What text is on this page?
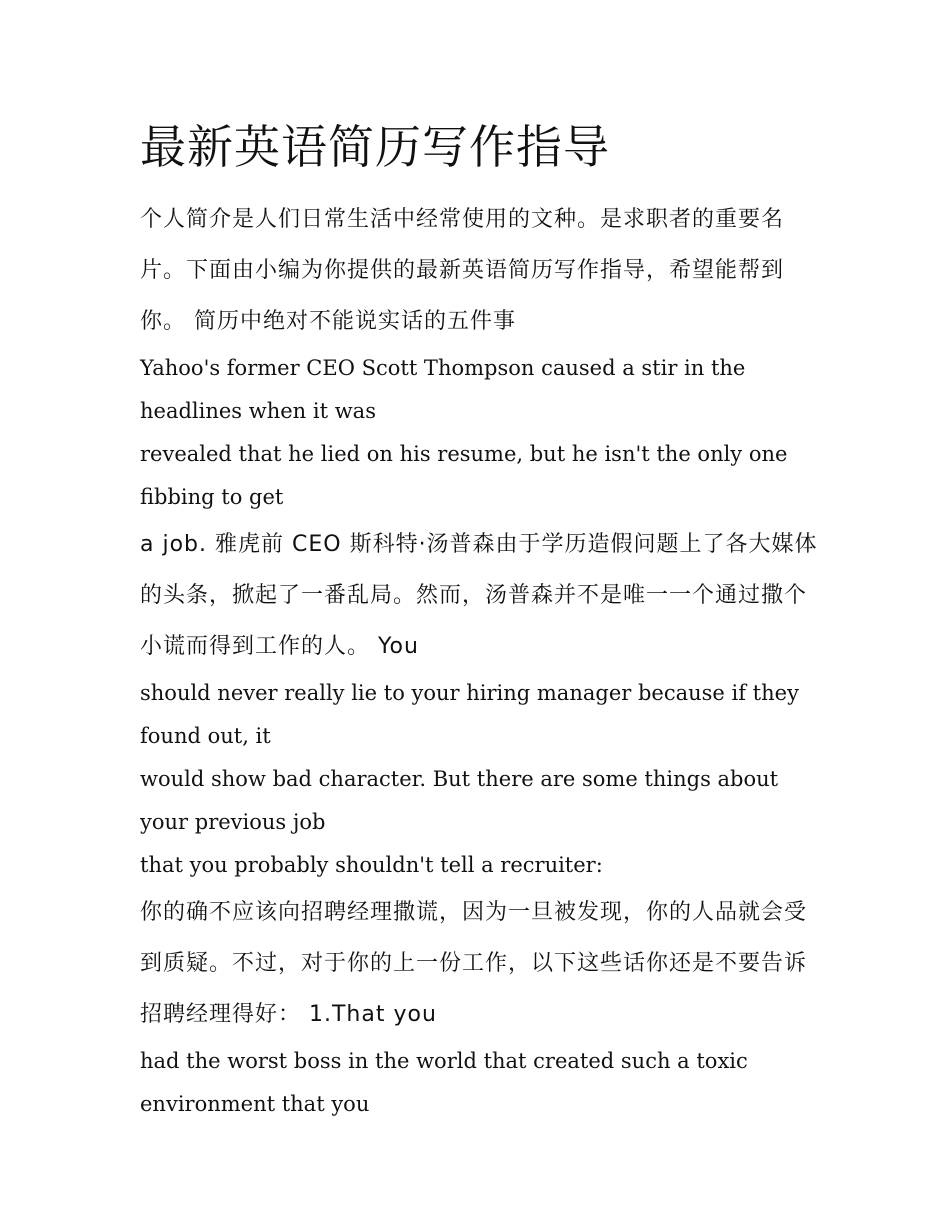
最新英语简历写作指导

个人简介是人们日常生活中经常使用的文种。是求职者的重要名片。下面由小编为你提供的最新英语简历写作指导，希望能帮到你。 简历中绝对不能说实话的五件事

Yahoo's former CEO Scott Thompson caused a stir in the headlines when it was

revealed that he lied on his resume, but he isn't the only one fibbing to get

a job. 雅虎前 CEO 斯科特·汤普森由于学历造假问题上了各大媒体的头条，掀起了一番乱局。然而，汤普森并不是唯一一个通过撒个小谎而得到工作的人。 You

should never really lie to your hiring manager because if they found out, it

would show bad character. But there are some things about your previous job

that you probably shouldn't tell a recruiter:

你的确不应该向招聘经理撒谎，因为一旦被发现，你的人品就会受到质疑。不过，对于你的上一份工作，以下这些话你还是不要告诉招聘经理得好： 1.That you

had the worst boss in the world that created such a toxic environment that you
